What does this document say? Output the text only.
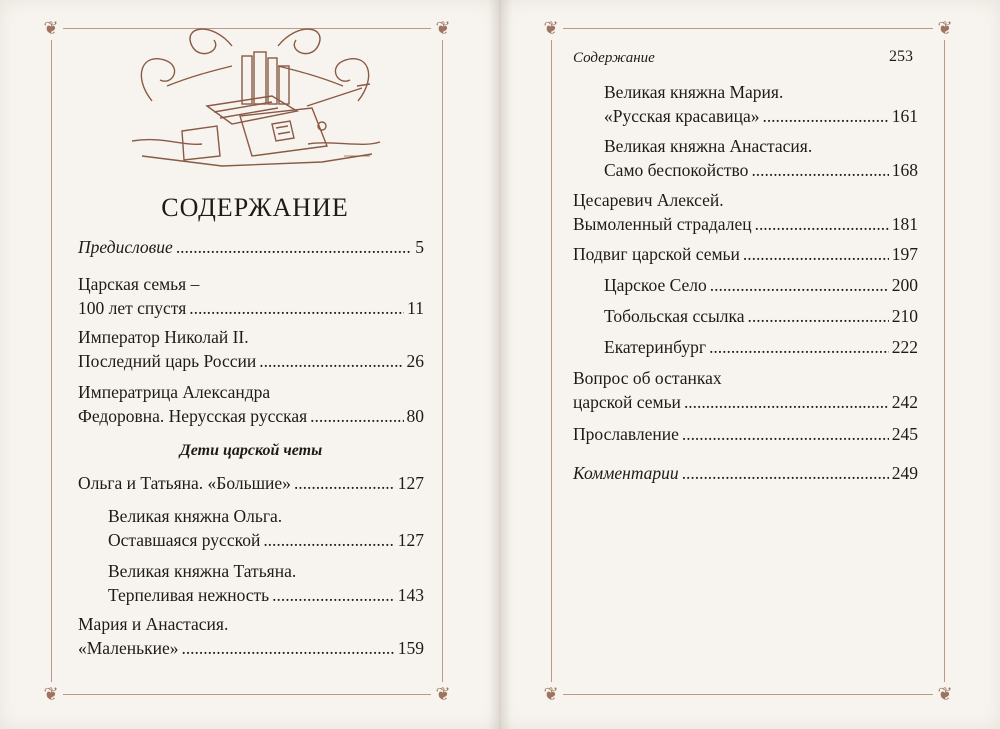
❦	❦
❦	❦
❦	❦
❦	❦
СОДЕРЖАНИЕ
Предисловие . . .	5
Царская семья –
100 лет спустя . . .	11
Император Николай II.
Последний царь России . . .	26
Императрица Александра
Федоровна. Нерусская русская . . .	80
Дети царской четы
Ольга и Татьяна. «Большие» . . .	127
Великая княжна Ольга.
Оставшаяся русской . . .	127
Великая княжна Татьяна.
Терпеливая нежность . . .	143
Мария и Анастасия.
«Маленькие» . . .	159
Содержание	253
Великая княжна Мария.
«Русская красавица» . . .	161
Великая княжна Анастасия.
Само беспокойство . . .	168
Цесаревич Алексей.
Вымоленный страдалец . . .	181
Подвиг царской семьи . . .	197
Царское Село . . .	200
Тобольская ссылка . . .	210
Екатеринбург . . .	222
Вопрос об останках
царской семьи . . .	242
Прославление . . .	245
Комментарии . . .	249
